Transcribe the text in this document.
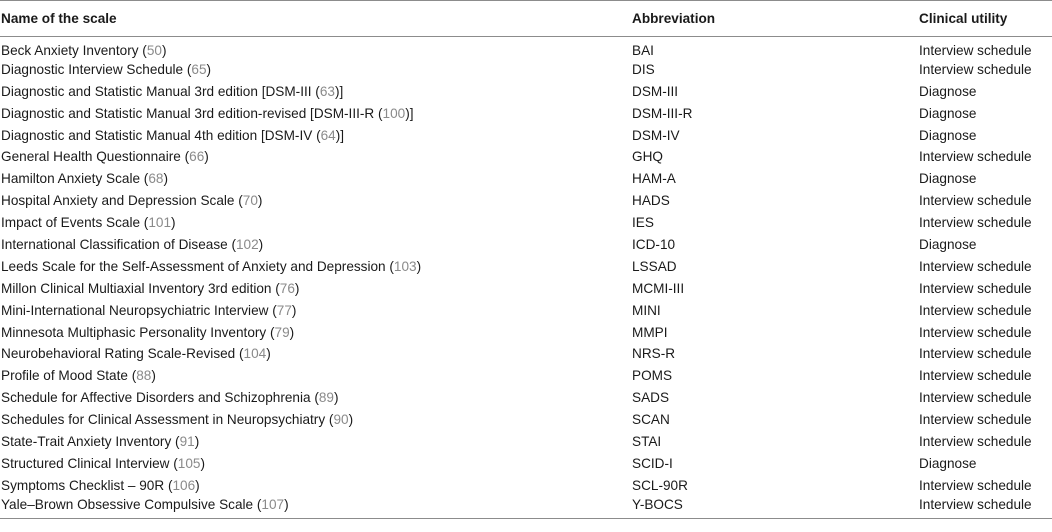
Name of the scale	Abbreviation	Clinical utility
Beck Anxiety Inventory (50)	BAI	Interview schedule
Diagnostic Interview Schedule (65)	DIS	Interview schedule
Diagnostic and Statistic Manual 3rd edition [DSM-III (63)]	DSM-III	Diagnose
Diagnostic and Statistic Manual 3rd edition-revised [DSM-III-R (100)]	DSM-III-R	Diagnose
Diagnostic and Statistic Manual 4th edition [DSM-IV (64)]	DSM-IV	Diagnose
General Health Questionnaire (66)	GHQ	Interview schedule
Hamilton Anxiety Scale (68)	HAM-A	Diagnose
Hospital Anxiety and Depression Scale (70)	HADS	Interview schedule
Impact of Events Scale (101)	IES	Interview schedule
International Classification of Disease (102)	ICD-10	Diagnose
Leeds Scale for the Self-Assessment of Anxiety and Depression (103)	LSSAD	Interview schedule
Millon Clinical Multiaxial Inventory 3rd edition (76)	MCMI-III	Interview schedule
Mini-International Neuropsychiatric Interview (77)	MINI	Interview schedule
Minnesota Multiphasic Personality Inventory (79)	MMPI	Interview schedule
Neurobehavioral Rating Scale-Revised (104)	NRS-R	Interview schedule
Profile of Mood State (88)	POMS	Interview schedule
Schedule for Affective Disorders and Schizophrenia (89)	SADS	Interview schedule
Schedules for Clinical Assessment in Neuropsychiatry (90)	SCAN	Interview schedule
State-Trait Anxiety Inventory (91)	STAI	Interview schedule
Structured Clinical Interview (105)	SCID-I	Diagnose
Symptoms Checklist – 90R (106)	SCL-90R	Interview schedule
Yale–Brown Obsessive Compulsive Scale (107)	Y-BOCS	Interview schedule
